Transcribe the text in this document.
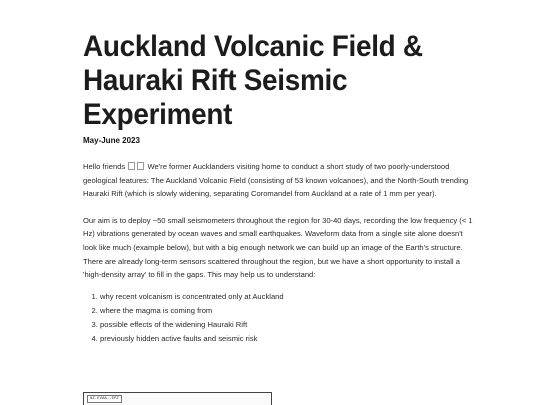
Auckland Volcanic Field & Hauraki Rift Seismic Experiment

May-June 2023

Hello friends	We're former Aucklanders visiting home to conduct a short study of two poorly-understood geological features: The Auckland Volcanic Field (consisting of 53 known volcanoes), and the North-South trending Hauraki Rift (which is slowly widening, separating Coromandel from Auckland at a rate of 1 mm per year).

Our aim is to deploy ~50 small seismometers throughout the region for 30-40 days, recording the low frequency (< 1 Hz) vibrations generated by ocean waves and small earthquakes. Waveform data from a single site alone doesn't look like much (example below), but with a big enough network we can build up an image of the Earth's structure. There are already long-term sensors scattered throughout the region, but we have a short opportunity to install a 'high-density array' to fill in the gaps. This may help us to understand:

1. why recent volcanism is concentrated only at Auckland
2. where the magma is coming from
3. possible effects of the widening Hauraki Rift
4. previously hidden active faults and seismic risk
NZ.EVAA..EPZ
